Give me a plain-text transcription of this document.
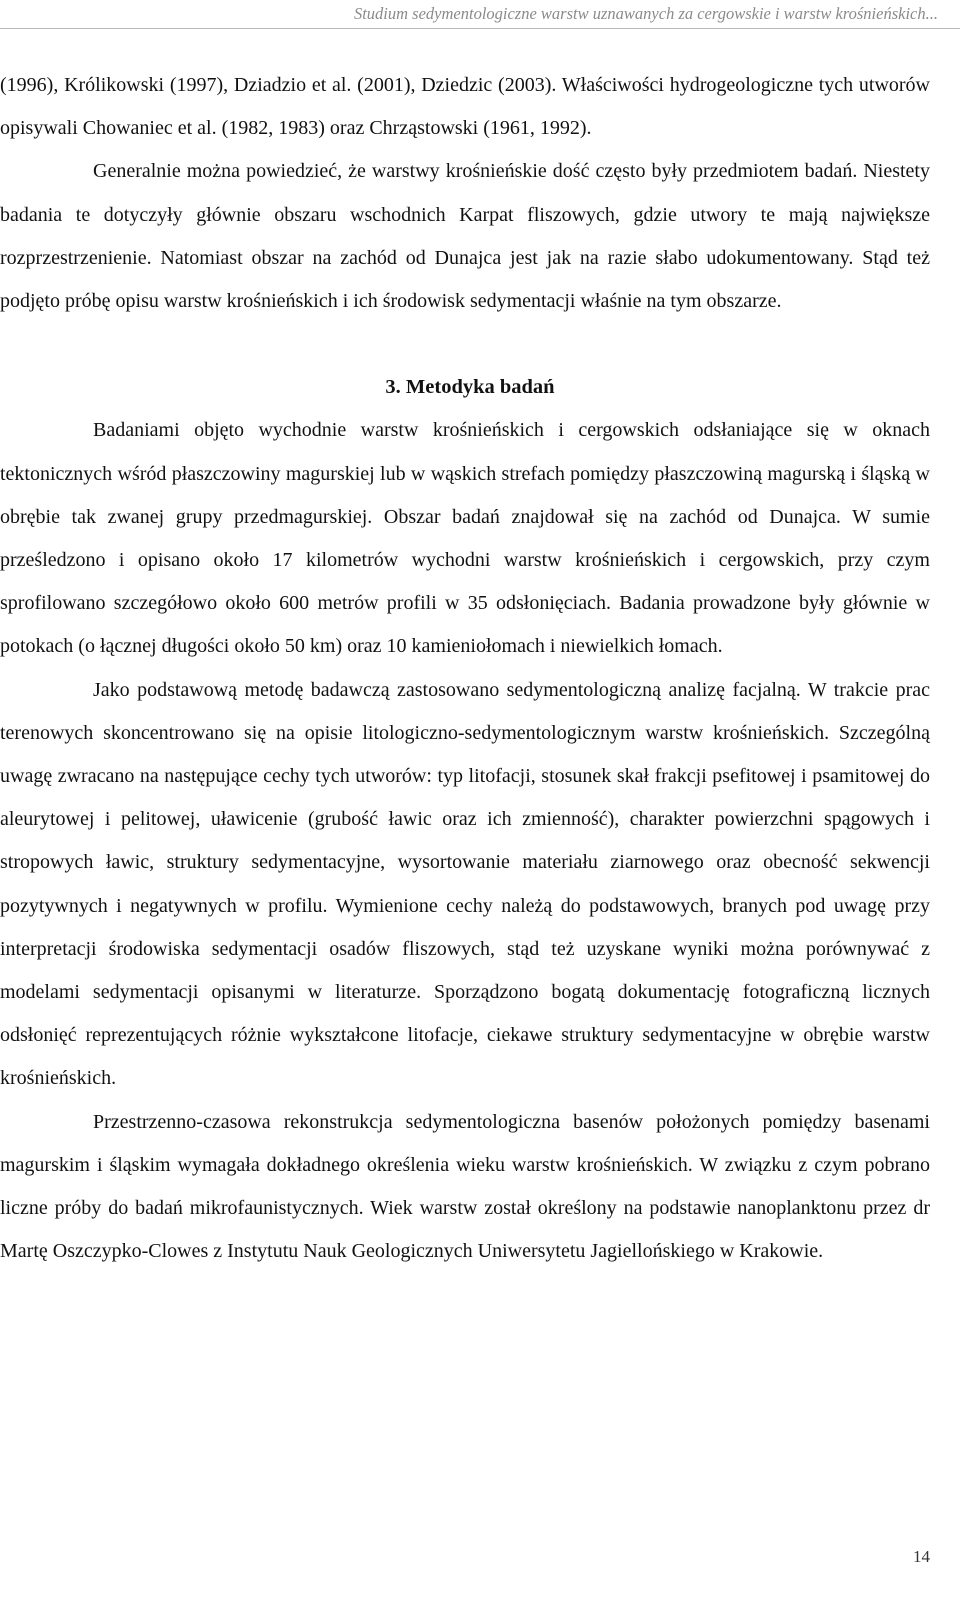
Studium sedymentologiczne warstw uznawanych za cergowskie i warstw krośnieńskich...

(1996), Królikowski (1997), Dziadzio et al. (2001), Dziedzic (2003). Właściwości hydrogeologiczne tych utworów opisywali Chowaniec et al. (1982, 1983) oraz Chrząstowski (1961, 1992).

Generalnie można powiedzieć, że warstwy krośnieńskie dość często były przedmiotem badań. Niestety badania te dotyczyły głównie obszaru wschodnich Karpat fliszowych, gdzie utwory te mają największe rozprzestrzenienie. Natomiast obszar na zachód od Dunajca jest jak na razie słabo udokumentowany. Stąd też podjęto próbę opisu warstw krośnieńskich i ich środowisk sedymentacji właśnie na tym obszarze.

3. Metodyka badań

Badaniami objęto wychodnie warstw krośnieńskich i cergowskich odsłaniające się w oknach tektonicznych wśród płaszczowiny magurskiej lub w wąskich strefach pomiędzy płaszczowiną magurską i śląską w obrębie tak zwanej grupy przedmagurskiej. Obszar badań znajdował się na zachód od Dunajca. W sumie prześledzono i opisano około 17 kilometrów wychodni warstw krośnieńskich i cergowskich, przy czym sprofilowano szczegółowo około 600 metrów profili w 35 odsłonięciach. Badania prowadzone były głównie w potokach (o łącznej długości około 50 km) oraz 10 kamieniołomach i niewielkich łomach.

Jako podstawową metodę badawczą zastosowano sedymentologiczną analizę facjalną. W trakcie prac terenowych skoncentrowano się na opisie litologiczno-sedymentologicznym warstw krośnieńskich. Szczególną uwagę zwracano na następujące cechy tych utworów: typ litofacji, stosunek skał frakcji psefitowej i psamitowej do aleurytowej i pelitowej, uławicenie (grubość ławic oraz ich zmienność), charakter powierzchni spągowych i stropowych ławic, struktury sedymentacyjne, wysortowanie materiału ziarnowego oraz obecność sekwencji pozytywnych i negatywnych w profilu. Wymienione cechy należą do podstawowych, branych pod uwagę przy interpretacji środowiska sedymentacji osadów fliszowych, stąd też uzyskane wyniki można porównywać z modelami sedymentacji opisanymi w literaturze. Sporządzono bogatą dokumentację fotograficzną licznych odsłonięć reprezentujących różnie wykształcone litofacje, ciekawe struktury sedymentacyjne w obrębie warstw krośnieńskich.

Przestrzenno-czasowa rekonstrukcja sedymentologiczna basenów położonych pomiędzy basenami magurskim i śląskim wymagała dokładnego określenia wieku warstw krośnieńskich. W związku z czym pobrano liczne próby do badań mikrofaunistycznych. Wiek warstw został określony na podstawie nanoplanktonu przez dr Martę Oszczypko-Clowes z Instytutu Nauk Geologicznych Uniwersytetu Jagiellońskiego w Krakowie.

14
